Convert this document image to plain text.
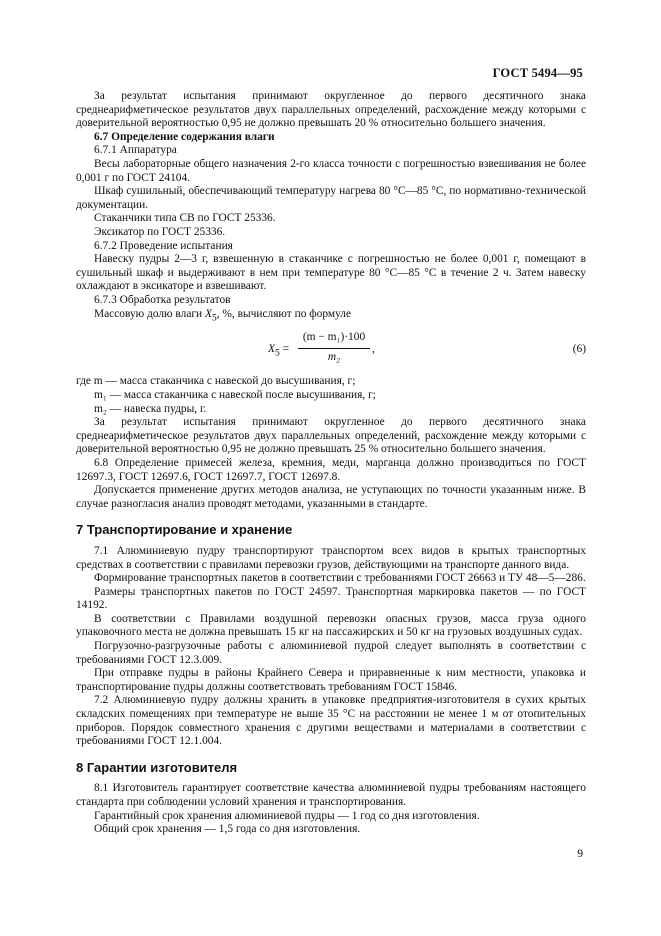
ГОСТ 5494—95

За результат испытания принимают округленное до первого десятичного знака среднеарифметическое результатов двух параллельных определений, расхождение между которыми с доверительной вероятностью 0,95 не должно превышать 20 % относительно большего значения.

6.7 Определение содержания влаги

6.7.1 Аппаратура

Весы лабораторные общего назначения 2-го класса точности с погрешностью взвешивания не более 0,001 г по ГОСТ 24104.

Шкаф сушильный, обеспечивающий температуру нагрева 80 °С—85 °С, по нормативно-технической документации.

Стаканчики типа СВ по ГОСТ 25336.

Эксикатор по ГОСТ 25336.

6.7.2 Проведение испытания

Навеску пудры 2—3 г, взвешенную в стаканчике с погрешностью не более 0,001 г, помещают в сушильный шкаф и выдерживают в нем при температуре 80 °С—85 °С в течение 2 ч. Затем навеску охлаждают в эксикаторе и взвешивают.

6.7.3 Обработка результатов

Массовую долю влаги $X_5$, %, вычисляют по формуле

$X_5$ =
(m − m₁)·100
m₂
,	(6)

где m — масса стаканчика с навеской до высушивания, г;

m₁ — масса стаканчика с навеской после высушивания, г;

m₂ — навеска пудры, г.

За результат испытания принимают округленное до первого десятичного знака среднеарифметическое результатов двух параллельных определений, расхождение между которыми с доверительной вероятностью 0,95 не должно превышать 25 % относительно большего значения.

6.8 Определение примесей железа, кремния, меди, марганца должно производиться по ГОСТ 12697.3, ГОСТ 12697.6, ГОСТ 12697.7, ГОСТ 12697.8.

Допускается применение других методов анализа, не уступающих по точности указанным ниже. В случае разногласия анализ проводят методами, указанными в стандарте.

7 Транспортирование и хранение

7.1 Алюминиевую пудру транспортируют транспортом всех видов в крытых транспортных средствах в соответствии с правилами перевозки грузов, действующими на транспорте данного вида.

Формирование транспортных пакетов в соответствии с требованиями ГОСТ 26663 и ТУ 48—5—286.

Размеры транспортных пакетов по ГОСТ 24597. Транспортная маркировка пакетов — по ГОСТ 14192.

В соответствии с Правилами воздушной перевозки опасных грузов, масса груза одного упаковочного места не должна превышать 15 кг на пассажирских и 50 кг на грузовых воздушных судах.

Погрузочно-разгрузочные работы с алюминиевой пудрой следует выполнять в соответствии с требованиями ГОСТ 12.3.009.

При отправке пудры в районы Крайнего Севера и приравненные к ним местности, упаковка и транспортирование пудры должны соответствовать требованиям ГОСТ 15846.

7.2 Алюминиевую пудру должны хранить в упаковке предприятия-изготовителя в сухих крытых складских помещениях при температуре не выше 35 °С на расстоянии не менее 1 м от отопительных приборов. Порядок совместного хранения с другими веществами и материалами в соответствии с требованиями ГОСТ 12.1.004.

8 Гарантии изготовителя

8.1 Изготовитель гарантирует соответствие качества алюминиевой пудры требованиям настоящего стандарта при соблюдении условий хранения и транспортирования.

Гарантийный срок хранения алюминиевой пудры — 1 год со дня изготовления.

Общий срок хранения — 1,5 года со дня изготовления.

9
